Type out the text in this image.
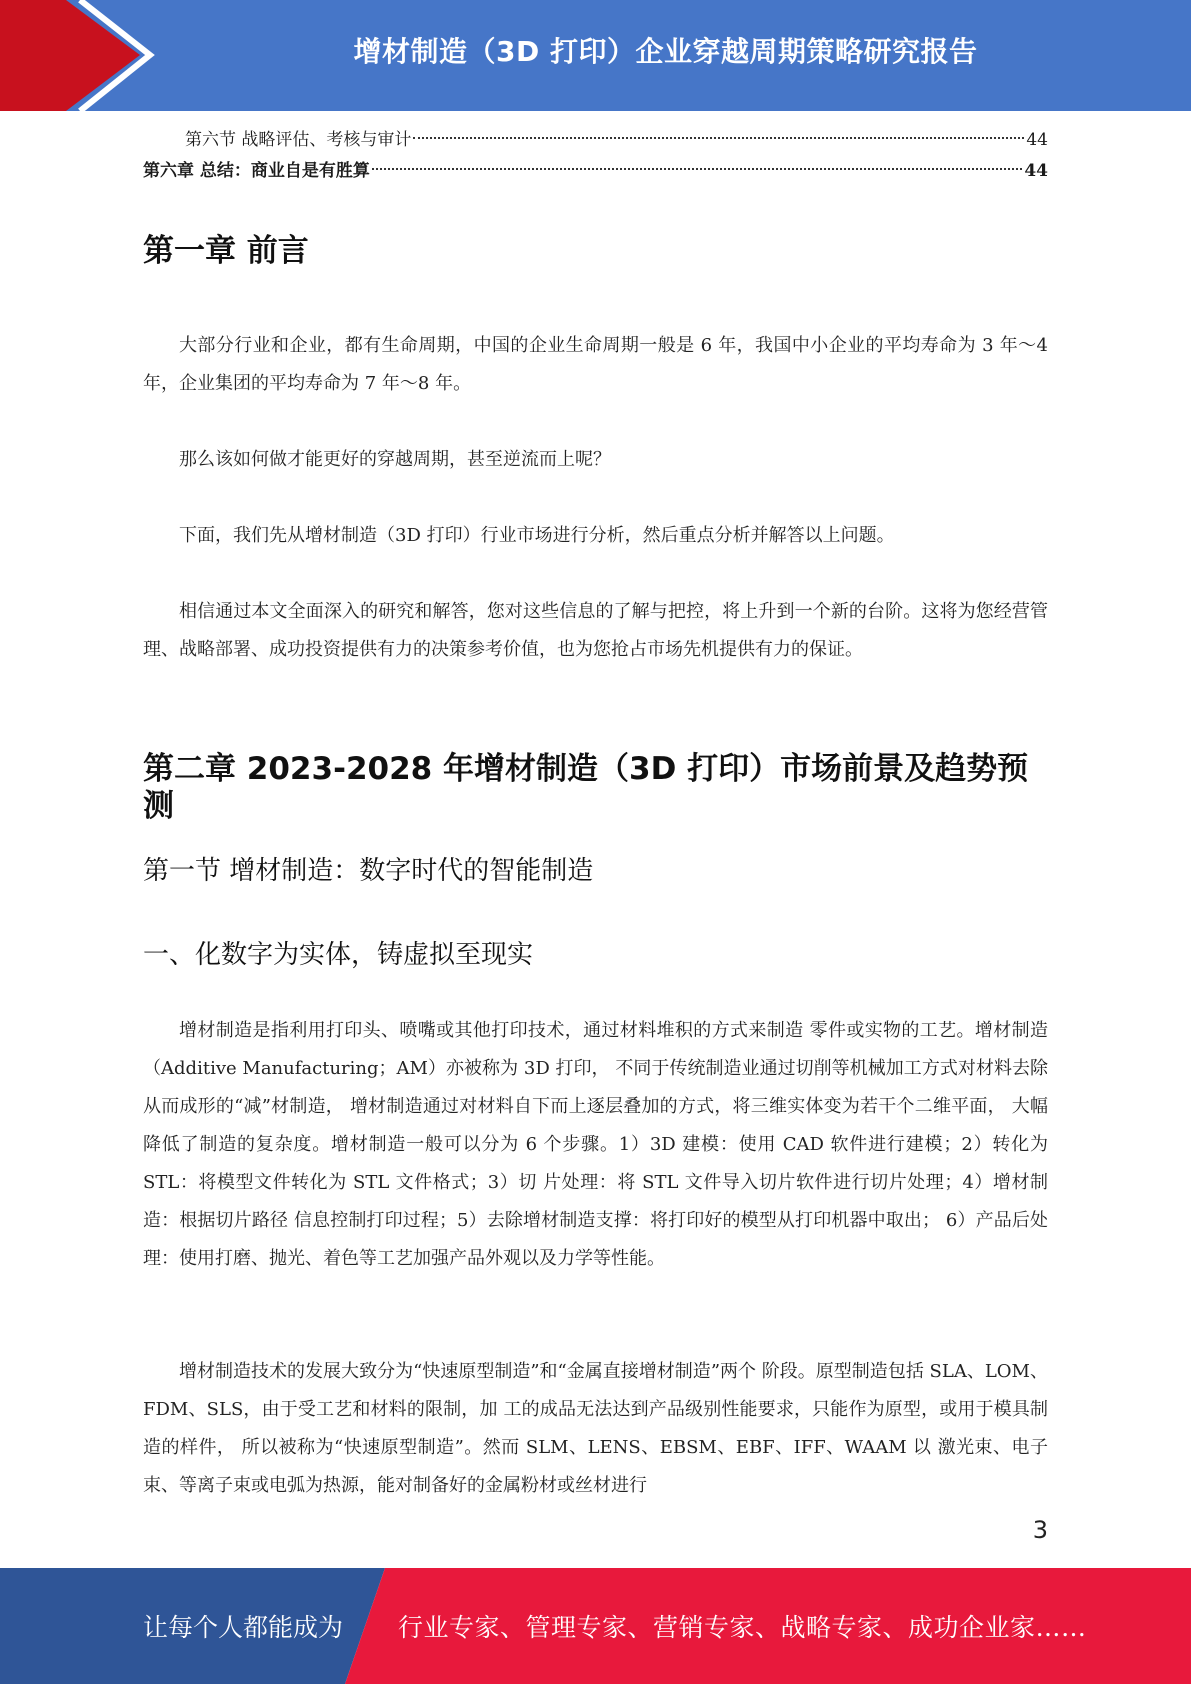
增材制造（3D 打印）企业穿越周期策略研究报告
第六节 战略评估、考核与审计	44
第六章 总结：商业自是有胜算	44
第一章 前言

大部分行业和企业，都有生命周期，中国的企业生命周期一般是 6 年，我国中小企业的平均寿命为 3 年～4 年，企业集团的平均寿命为 7 年～8 年。

那么该如何做才能更好的穿越周期，甚至逆流而上呢？

下面，我们先从增材制造（3D 打印）行业市场进行分析，然后重点分析并解答以上问题。

相信通过本文全面深入的研究和解答，您对这些信息的了解与把控，将上升到一个新的台阶。这将为您经营管理、战略部署、成功投资提供有力的决策参考价值，也为您抢占市场先机提供有力的保证。

第二章 2023-2028 年增材制造（3D 打印）市场前景及趋势预测
第一节 增材制造：数字时代的智能制造
一、化数字为实体，铸虚拟至现实

增材制造是指利用打印头、喷嘴或其他打印技术，通过材料堆积的方式来制造 零件或实物的工艺。增材制造（Additive Manufacturing；AM）亦被称为 3D 打印， 不同于传统制造业通过切削等机械加工方式对材料去除从而成形的“减”材制造， 增材制造通过对材料自下而上逐层叠加的方式，将三维实体变为若干个二维平面， 大幅降低了制造的复杂度。增材制造一般可以分为 6 个步骤。1）3D 建模：使用 CAD 软件进行建模；2）转化为 STL：将模型文件转化为 STL 文件格式；3）切 片处理：将 STL 文件导入切片软件进行切片处理；4）增材制造：根据切片路径 信息控制打印过程；5）去除增材制造支撑：将打印好的模型从打印机器中取出； 6）产品后处理：使用打磨、抛光、着色等工艺加强产品外观以及力学等性能。

增材制造技术的发展大致分为“快速原型制造”和“金属直接增材制造”两个 阶段。原型制造包括 SLA、LOM、FDM、SLS，由于受工艺和材料的限制，加 工的成品无法达到产品级别性能要求，只能作为原型，或用于模具制造的样件， 所以被称为“快速原型制造”。然而 SLM、LENS、EBSM、EBF、IFF、WAAM 以 激光束、电子束、等离子束或电弧为热源，能对制备好的金属粉材或丝材进行

3
让每个人都能成为 行业专家、管理专家、营销专家、战略专家、成功企业家……
